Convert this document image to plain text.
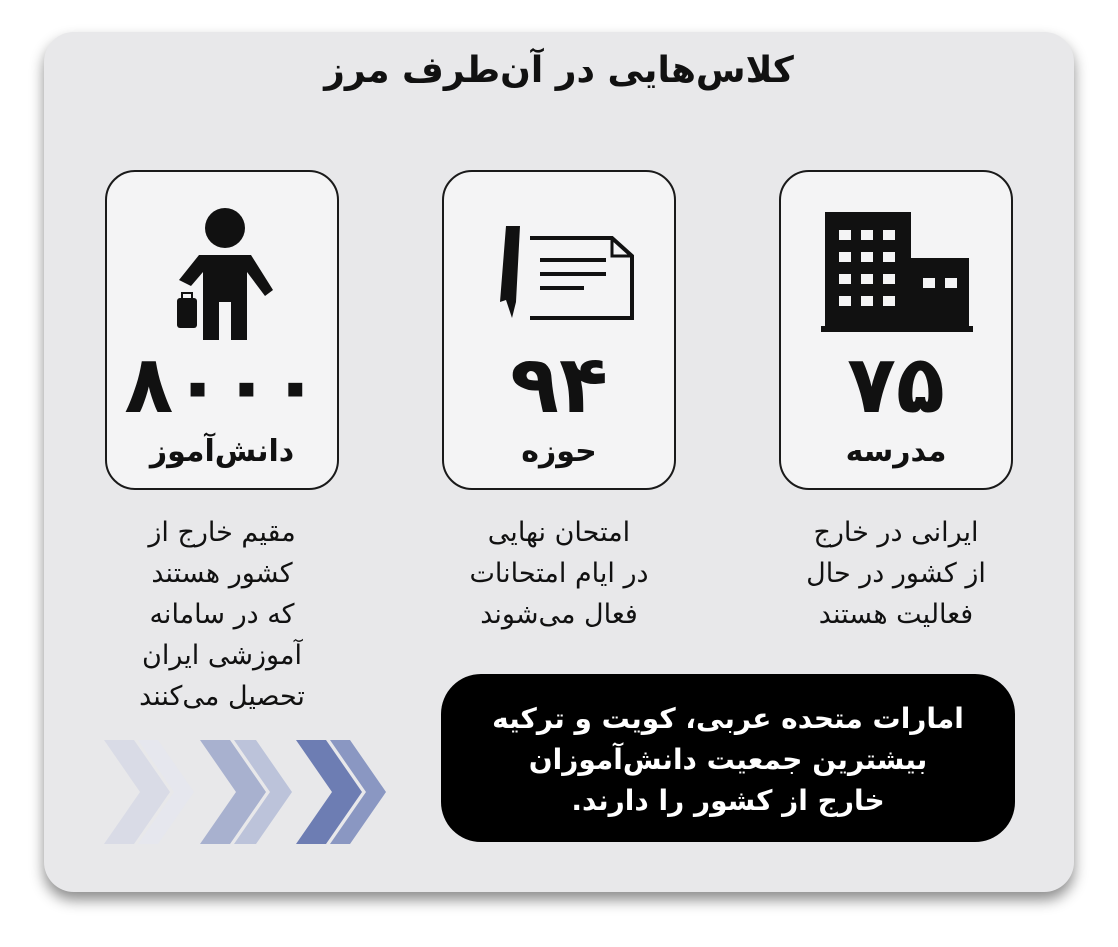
کلاس‌هایی در آن‌طرف مرز
۸۰۰۰
دانش‌آموز
۹۴
حوزه
۷۵
مدرسه
مقیم خارج از
کشور هستند
که در سامانه
آموزشی ایران
تحصیل می‌کنند
امتحان نهایی
در ایام امتحانات
فعال می‌شوند
ایرانی در خارج
از کشور در حال
فعالیت هستند
امارات متحده عربی، کویت و ترکیه
بیشترین جمعیت دانش‌آموزان
خارج از کشور را دارند.
